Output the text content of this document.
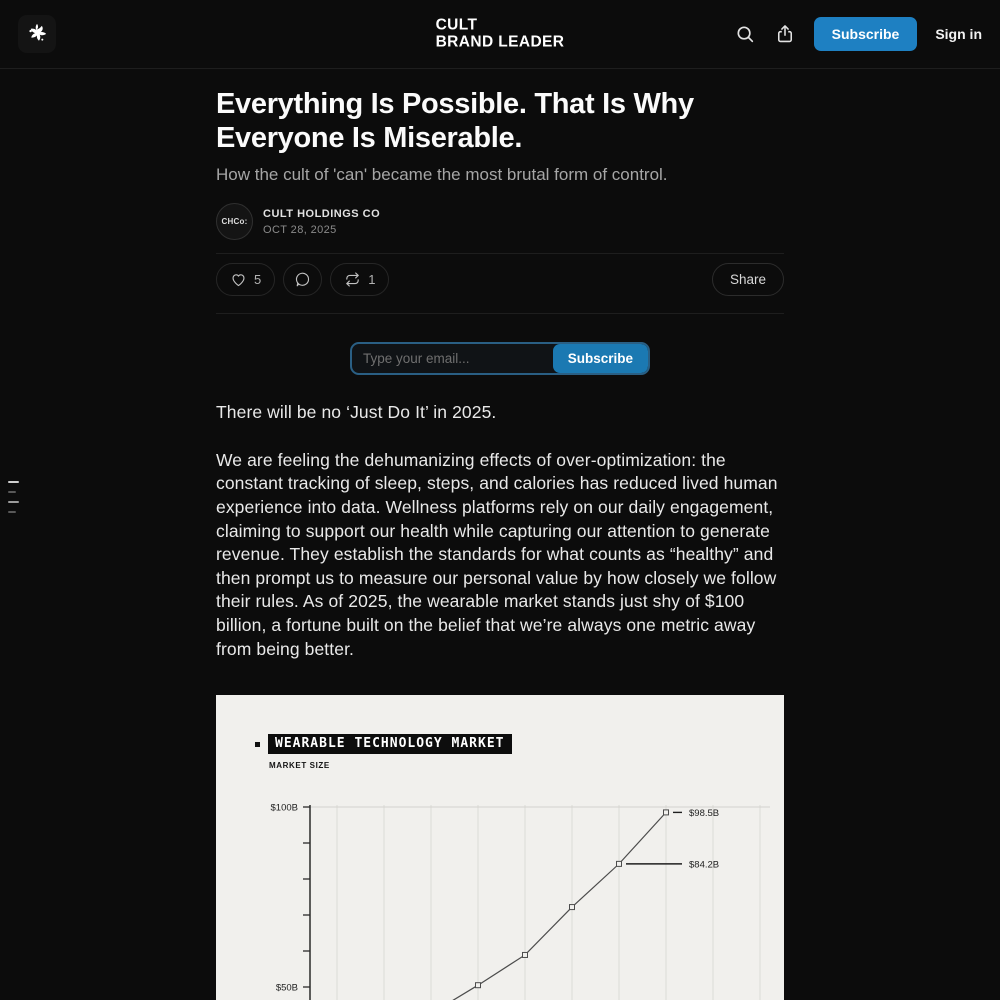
CULT
BRAND LEADER	Subscribe	Sign in
Everything Is Possible. That Is Why Everyone Is Miserable.
How the cult of 'can' became the most brutal form of control.
CHCo:
CULT HOLDINGS CO
OCT 28, 2025
5	1	Share
Type your email...
Subscribe

There will be no ‘Just Do It’ in 2025.

We are feeling the dehumanizing effects of over-optimization: the constant tracking of sleep, steps, and calories has reduced lived human experience into data. Wellness platforms rely on our daily engagement, claiming to support our health while capturing our attention to generate revenue. They establish the standards for what counts as “healthy” and then prompt us to measure our personal value by how closely we follow their rules. As of 2025, the wearable market stands just shy of $100 billion, a fortune built on the belief that we’re always one metric away from being better.

$100B
$50B
$98.5B
$84.2B
WEARABLE TECHNOLOGY MARKET
MARKET SIZE
